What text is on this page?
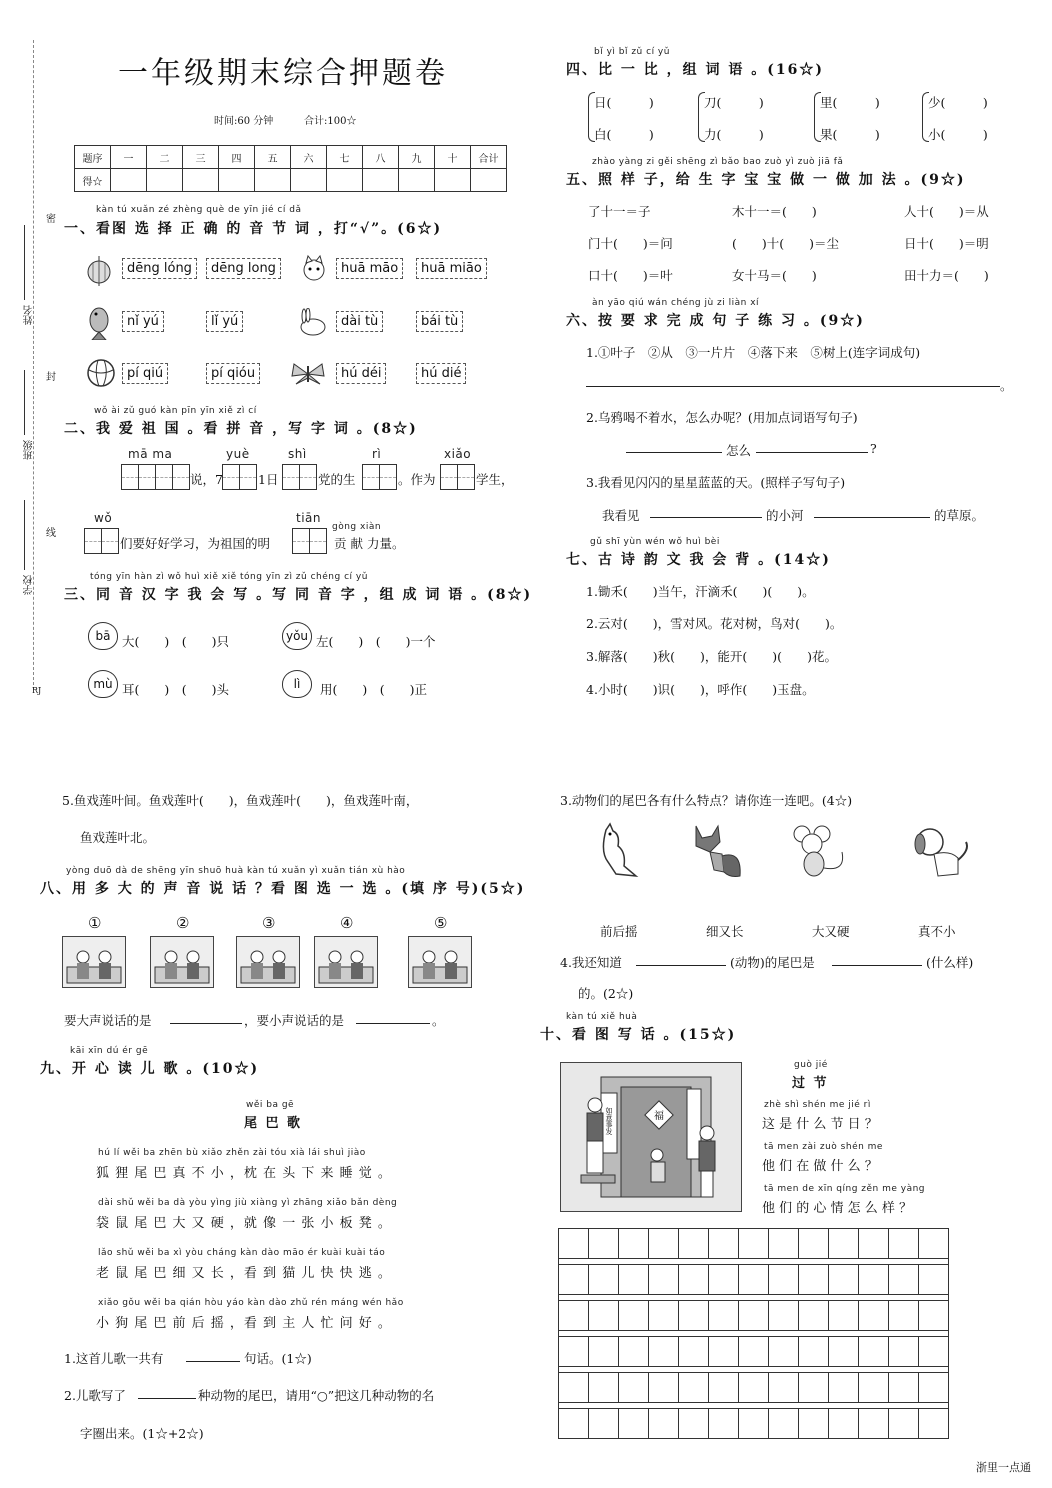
一年级期末综合押题卷
时间:60 分钟	合计:100☆
题序	一	二	三	四	五	六	七	八	九	十	合计
得☆											
密
封
线
姓名
班级
学校
RJ
kàn tú xuǎn zé zhèng què de yīn jié cí dǎ
一、看图 选 择 正 确 的 音 节 词 ，打“√”。(6☆)
dēng lóng	dēng long	huā māo	huā miāo
nǐ yú	lǐ yú	dài tù	bái tù
pí qiú	pí qióu	hú déi	hú dié
wǒ ài zǔ guó kàn pīn yīn xiě zì cí
二、我 爱 祖 国 。看 拼 音 ，写 字 词 。(8☆)
mā ma
说，7
yuè
1日
shì
党的生
rì
。作为
xiǎo
学生，
wǒ
们要好好学习，为祖国的明
tiān
gòng xiàn
贡 献 力量。
tóng yīn hàn zì wǒ huì xiě xiě tóng yīn zì zǔ chéng cí yǔ
三、同 音 汉 字 我 会 写 。写 同 音 字 ，组 成 词 语 。(8☆)
bā 大(　　)　(　　)只	yǒu 左(　　)　(　　)一个
mù 耳(　　)　(　　)头	lì	用(　　)　(　　)正
bǐ yì bǐ zǔ cí yǔ
四、比 一 比 ，组 词 语 。(16☆)
日(　　　)
白(　　　)
刀(　　　)
力(　　　)
里(　　　)
果(　　　)
少(　　　)
小(　　　)
zhào yàng zi gěi shēng zì bǎo bao zuò yì zuò jiā fǎ
五、照 样 子，给 生 字 宝 宝 做 一 做 加 法 。(9☆)
了十一＝子	木十一＝(　　)	人十(　　)＝从
门十(　　)＝问	(　　)十(　　)＝尘	日十(　　)＝明
口十(　　)＝叶	女十马＝(　　)	田十力＝(　　)
àn yāo qiú wán chéng jù zi liàn xí
六、按 要 求 完 成 句 子 练 习 。(9☆)
1.①叶子　②从　③一片片　④落下来　⑤树上(连字词成句)
。
2.乌鸦喝不着水，怎么办呢？(用加点词语写句子)
怎么	?
3.我看见闪闪的星星蓝蓝的天。(照样子写句子)
我看见	的小河	的草原。
gǔ shī yùn wén wǒ huì bèi
七、古 诗 韵 文 我 会 背 。(14☆)
1.锄禾(　　)当午，汗滴禾(　　)(　　)。
2.云对(　　)，雪对风。花对树，鸟对(　　)。
3.解落(　　)秋(　　)，能开(　　)(　　)花。
4.小时(　　)识(　　)，呼作(　　)玉盘。
5.鱼戏莲叶间。鱼戏莲叶(　　)，鱼戏莲叶(　　)，鱼戏莲叶南，
鱼戏莲叶北。
yòng duō dà de shēng yīn shuō huà kàn tú xuǎn yì xuǎn tián xù hào
八、用 多 大 的 声 音 说 话 ？看 图 选 一 选 。(填 序 号)(5☆)
①	②	③	④	⑤
要大声说话的是	，要小声说话的是	。
kāi xīn dú ér gē
九、开 心 读 儿 歌 。(10☆)
wěi ba gē
尾 巴 歌
hú lí wěi ba zhēn bù xiǎo zhěn zài tóu xià lái shuì jiào
狐 狸 尾 巴 真 不 小 ，枕 在 头 下 来 睡 觉 。
dài shǔ wěi ba dà yòu yìng jiù xiàng yì zhāng xiǎo bǎn dèng
袋 鼠 尾 巴 大 又 硬 ，就 像 一 张 小 板 凳 。
lǎo shǔ wěi ba xì yòu cháng kàn dào māo ér kuài kuài táo
老 鼠 尾 巴 细 又 长 ，看 到 猫 儿 快 快 逃 。
xiǎo gǒu wěi ba qián hòu yáo kàn dào zhǔ rén máng wén hǎo
小 狗 尾 巴 前 后 摇 ，看 到 主 人 忙 问 好 。
1.这首儿歌一共有	句话。(1☆)
2.儿歌写了	种动物的尾巴，请用“○”把这几种动物的名
字圈出来。(1☆+2☆)
3.动物们的尾巴各有什么特点？请你连一连吧。(4☆)
前后摇	细又长	大又硬	真不小
4.我还知道	(动物)的尾巴是	(什么样)
的。(2☆)
kàn tú xiě huà
十、看 图 写 话 。(15☆)
福
如意事发
guò jié
过 节
zhè shì shén me jié rì
这 是 什 么 节 日 ？
tā men zài zuò shén me
他 们 在 做 什 么 ？
tā men de xīn qíng zěn me yàng
他 们 的 心 情 怎 么 样 ？

浙里一点通
